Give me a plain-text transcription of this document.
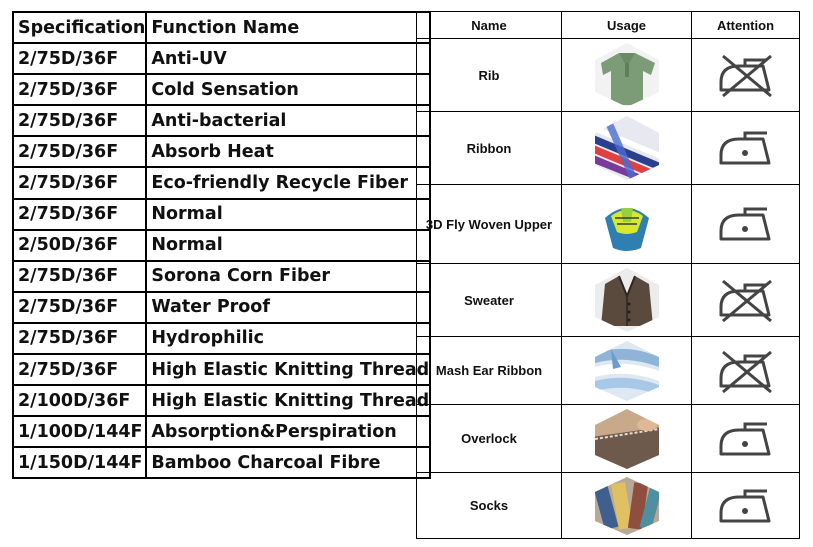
Specification	Function Name
2/75D/36F	Anti-UV
2/75D/36F	Cold Sensation
2/75D/36F	Anti-bacterial
2/75D/36F	Absorb Heat
2/75D/36F	Eco-friendly Recycle Fiber
2/75D/36F	Normal
2/50D/36F	Normal
2/75D/36F	Sorona Corn Fiber
2/75D/36F	Water Proof
2/75D/36F	Hydrophilic
2/75D/36F	High Elastic Knitting Thread
2/100D/36F	High Elastic Knitting Thread
1/100D/144F	Absorption&Perspiration
1/150D/144F	Bamboo Charcoal Fibre
Name	Usage	Attention
Rib		
Ribbon		
3D Fly Woven Upper		
Sweater		
Mash Ear Ribbon		
Overlock		
Socks		
